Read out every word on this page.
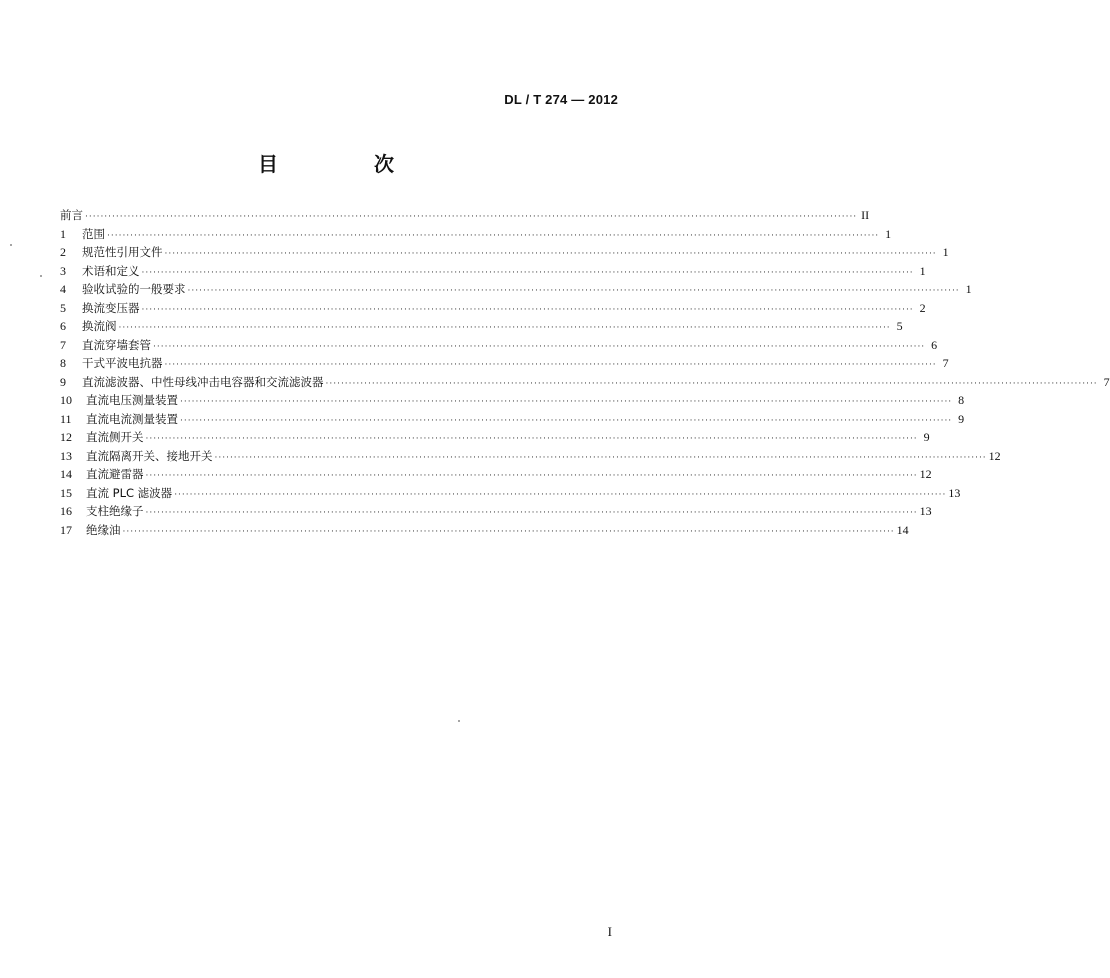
DL / T 274 — 2012
目　次
前言 ········································································································································································································ II
1	范围 ········································································································································································································ 1
2	规范性引用文件 ········································································································································································································ 1
3	术语和定义 ········································································································································································································ 1
4	验收试验的一般要求 ········································································································································································································ 1
5	换流变压器 ········································································································································································································ 2
6	换流阀 ········································································································································································································ 5
7	直流穿墙套管 ········································································································································································································ 6
8	干式平波电抗器 ········································································································································································································ 7
9	直流滤波器、中性母线冲击电容器和交流滤波器 ········································································································································································································ 7
10	直流电压测量装置 ········································································································································································································ 8
11	直流电流测量装置 ········································································································································································································ 9
12	直流侧开关 ········································································································································································································ 9
13	直流隔离开关、接地开关 ········································································································································································································ 12
14	直流避雷器 ········································································································································································································ 12
15	直流 PLC 滤波器 ········································································································································································································ 13
16	支柱绝缘子 ········································································································································································································ 13
17	绝缘油 ········································································································································································································ 14
I
